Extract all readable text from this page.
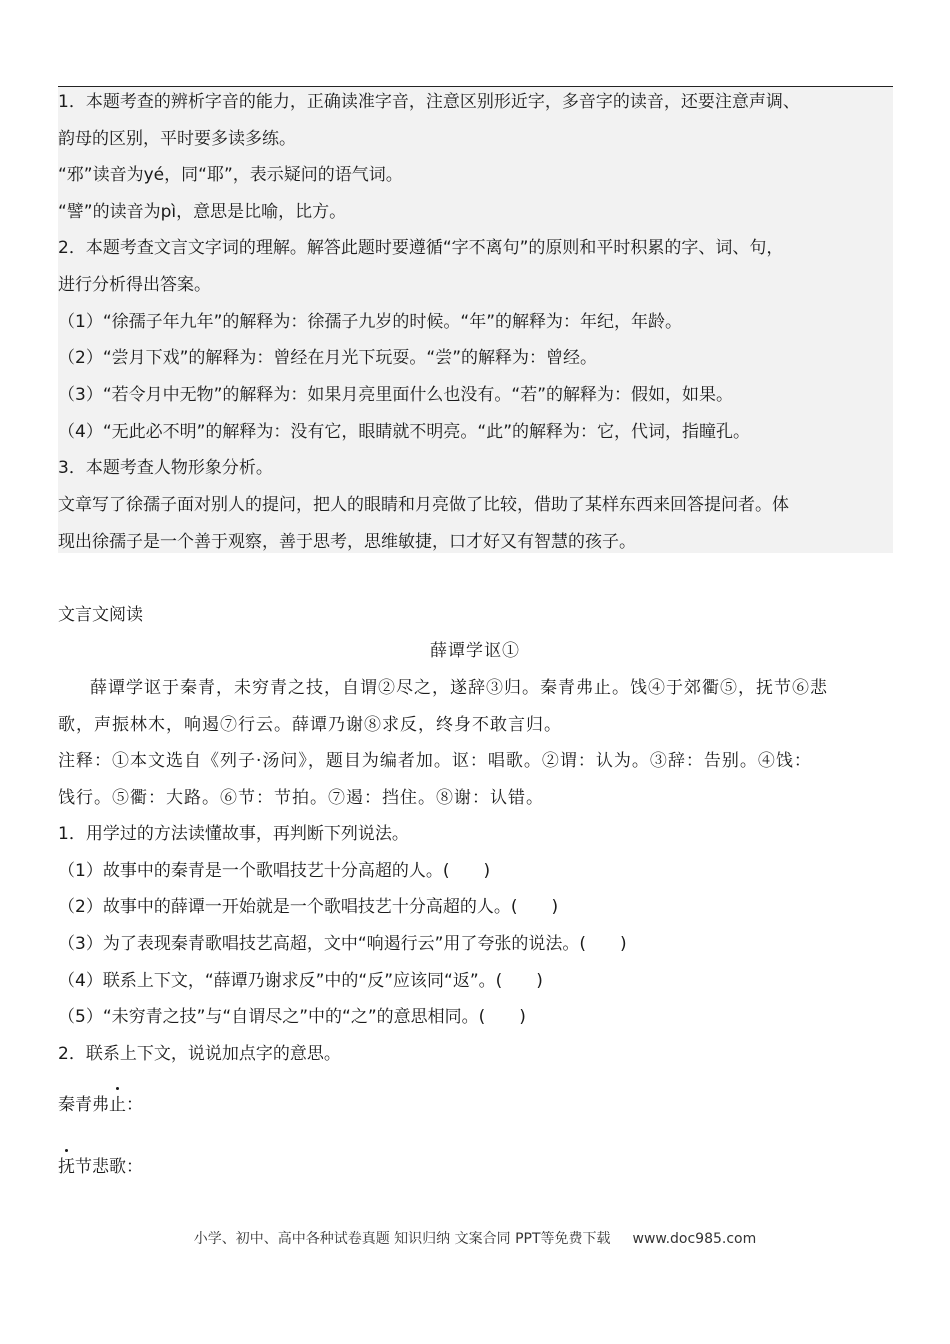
1．本题考查的辨析字音的能力，正确读准字音，注意区别形近字，多音字的读音，还要注意声调、
韵母的区别，平时要多读多练。
“邪”读音为yé，同“耶”，表示疑问的语气词。
“譬”的读音为pì，意思是比喻，比方。
2．本题考查文言文字词的理解。解答此题时要遵循“字不离句”的原则和平时积累的字、词、句，
进行分析得出答案。
（1）“徐孺子年九年”的解释为：徐孺子九岁的时候。“年”的解释为：年纪，年龄。
（2）“尝月下戏”的解释为：曾经在月光下玩耍。“尝”的解释为：曾经。
（3）“若令月中无物”的解释为：如果月亮里面什么也没有。“若”的解释为：假如，如果。
（4）“无此必不明”的解释为：没有它，眼睛就不明亮。“此”的解释为：它，代词，指瞳孔。
3．本题考查人物形象分析。
文章写了徐孺子面对别人的提问，把人的眼睛和月亮做了比较，借助了某样东西来回答提问者。体
现出徐孺子是一个善于观察，善于思考，思维敏捷，口才好又有智慧的孩子。
文言文阅读
薛谭学讴①
薛谭学讴于秦青，未穷青之技，自谓②尽之，遂辞③归。秦青弗止。饯④于郊衢⑤，抚节⑥悲
歌，声振林木，响遏⑦行云。薛谭乃谢⑧求反，终身不敢言归。
注释：①本文选自《列子·汤问》，题目为编者加。讴：唱歌。②谓：认为。③辞：告别。④饯：
饯行。⑤衢：大路。⑥节：节拍。⑦遏：挡住。⑧谢：认错。
1．用学过的方法读懂故事，再判断下列说法。
（1）故事中的秦青是一个歌唱技艺十分高超的人。(　　)
（2）故事中的薛谭一开始就是一个歌唱技艺十分高超的人。(　　)
（3）为了表现秦青歌唱技艺高超，文中“响遏行云”用了夸张的说法。(　　)
（4）联系上下文，“薛谭乃谢求反”中的“反”应该同“返”。(　　)
（5）“未穷青之技”与“自谓尽之”中的“之”的意思相同。(　　)
2．联系上下文，说说加点字的意思。
秦青弗止：
抚节悲歌：
小学、初中、高中各种试卷真题 知识归纳 文案合同 PPT等免费下载 www.doc985.com
